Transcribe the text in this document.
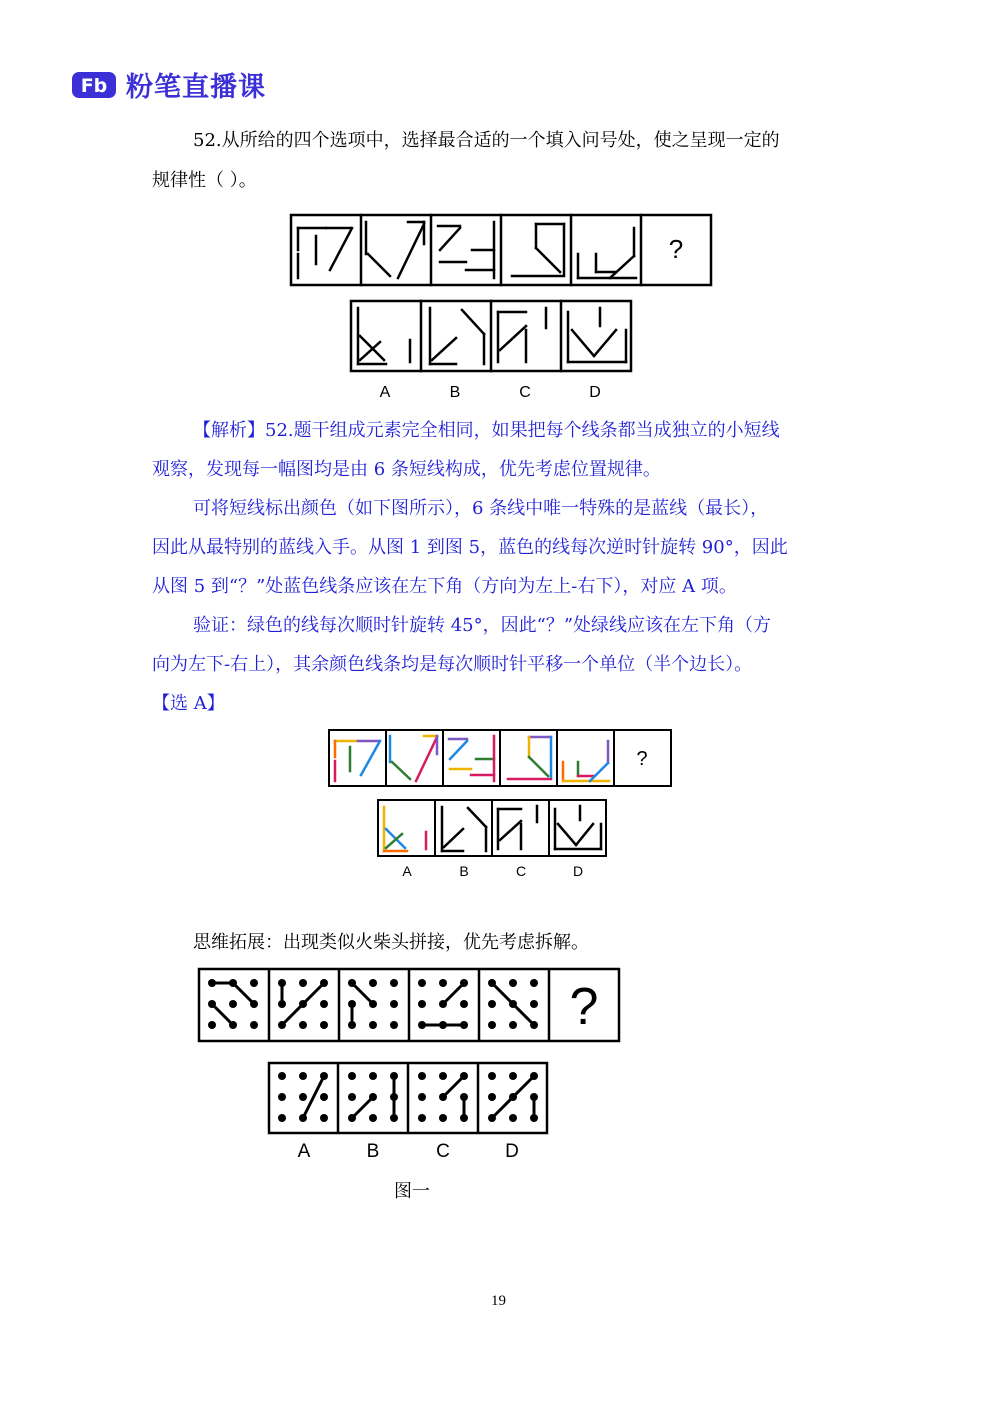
Fb 粉笔直播课
52.从所给的四个选项中，选择最合适的一个填入问号处，使之呈现一定的
规律性（ ）。
?
A	B	C	D
【解析】52.题干组成元素完全相同，如果把每个线条都当成独立的小短线
观察，发现每一幅图均是由 6 条短线构成，优先考虑位置规律。
可将短线标出颜色（如下图所示），6 条线中唯一特殊的是蓝线（最长），
因此从最特别的蓝线入手。从图 1 到图 5，蓝色的线每次逆时针旋转 90°，因此
从图 5 到“？”处蓝色线条应该在左下角（方向为左上-右下），对应 A 项。
验证：绿色的线每次顺时针旋转 45°，因此“？”处绿线应该在左下角（方
向为左下-右上），其余颜色线条均是每次顺时针平移一个单位（半个边长）。
【选 A】
?
A	B	C	D
思维拓展：出现类似火柴头拼接，优先考虑拆解。
?
A	B	C	D
图一
19
